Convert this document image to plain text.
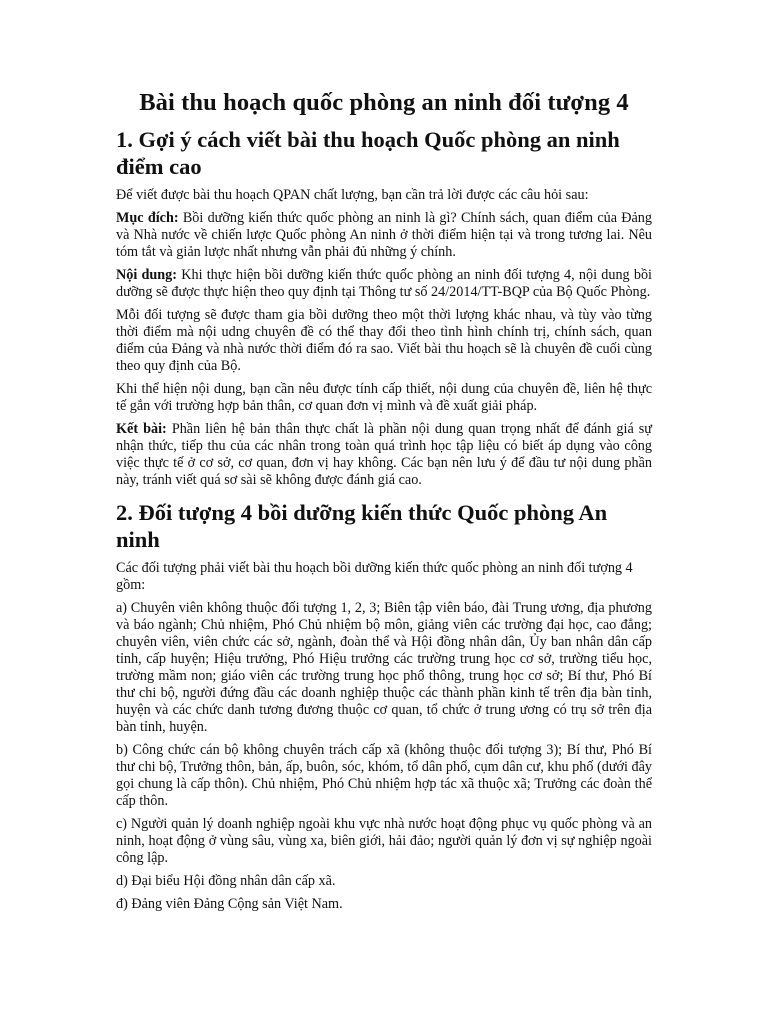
Bài thu hoạch quốc phòng an ninh đối tượng 4
1. Gợi ý cách viết bài thu hoạch Quốc phòng an ninh điểm cao

Để viết được bài thu hoạch QPAN chất lượng, bạn cần trả lời được các câu hỏi sau:

Mục đích: Bồi dưỡng kiến thức quốc phòng an ninh là gì? Chính sách, quan điểm của Đảng và Nhà nước về chiến lược Quốc phòng An ninh ở thời điểm hiện tại và trong tương lai. Nêu tóm tắt và giản lược nhất nhưng vẫn phải đủ những ý chính.

Nội dung: Khi thực hiện bồi dưỡng kiến thức quốc phòng an ninh đối tượng 4, nội dung bồi dưỡng sẽ được thực hiện theo quy định tại Thông tư số 24/2014/TT-BQP của Bộ Quốc Phòng.

Mỗi đối tượng sẽ được tham gia bồi dưỡng theo một thời lượng khác nhau, và tùy vào từng thời điểm mà nội udng chuyên đề có thể thay đổi theo tình hình chính trị, chính sách, quan điểm của Đảng và nhà nước thời điểm đó ra sao. Viết bài thu hoạch sẽ là chuyên đề cuối cùng theo quy định của Bộ.

Khi thể hiện nội dung, bạn cần nêu được tính cấp thiết, nội dung của chuyên đề, liên hệ thực tế gắn với trường hợp bản thân, cơ quan đơn vị mình và đề xuất giải pháp.

Kết bài: Phần liên hệ bản thân thực chất là phần nội dung quan trọng nhất để đánh giá sự nhận thức, tiếp thu của các nhân trong toàn quá trình học tập liệu có biết áp dụng vào công việc thực tế ở cơ sở, cơ quan, đơn vị hay không. Các bạn nên lưu ý để đầu tư nội dung phần này, tránh viết quá sơ sài sẽ không được đánh giá cao.

2. Đối tượng 4 bồi dưỡng kiến thức Quốc phòng An ninh

Các đối tượng phải viết bài thu hoạch bồi dưỡng kiến thức quốc phòng an ninh đối tượng 4 gồm:

a) Chuyên viên không thuộc đối tượng 1, 2, 3; Biên tập viên báo, đài Trung ương, địa phương và báo ngành; Chủ nhiệm, Phó Chủ nhiệm bộ môn, giảng viên các trường đại học, cao đẳng; chuyên viên, viên chức các sở, ngành, đoàn thể và Hội đồng nhân dân, Ủy ban nhân dân cấp tỉnh, cấp huyện; Hiệu trưởng, Phó Hiệu trưởng các trường trung học cơ sở, trường tiểu học, trường mầm non; giáo viên các trường trung học phổ thông, trung học cơ sở; Bí thư, Phó Bí thư chi bộ, người đứng đầu các doanh nghiệp thuộc các thành phần kinh tế trên địa bàn tỉnh, huyện và các chức danh tương đương thuộc cơ quan, tổ chức ở trung ương có trụ sở trên địa bàn tỉnh, huyện.

b) Công chức cán bộ không chuyên trách cấp xã (không thuộc đối tượng 3); Bí thư, Phó Bí thư chi bộ, Trưởng thôn, bản, ấp, buôn, sóc, khóm, tổ dân phố, cụm dân cư, khu phố (dưới đây gọi chung là cấp thôn). Chủ nhiệm, Phó Chủ nhiệm hợp tác xã thuộc xã; Trưởng các đoàn thể cấp thôn.

c) Người quản lý doanh nghiệp ngoài khu vực nhà nước hoạt động phục vụ quốc phòng và an ninh, hoạt động ở vùng sâu, vùng xa, biên giới, hải đảo; người quản lý đơn vị sự nghiệp ngoài công lập.

d) Đại biểu Hội đồng nhân dân cấp xã.

đ) Đảng viên Đảng Cộng sản Việt Nam.
